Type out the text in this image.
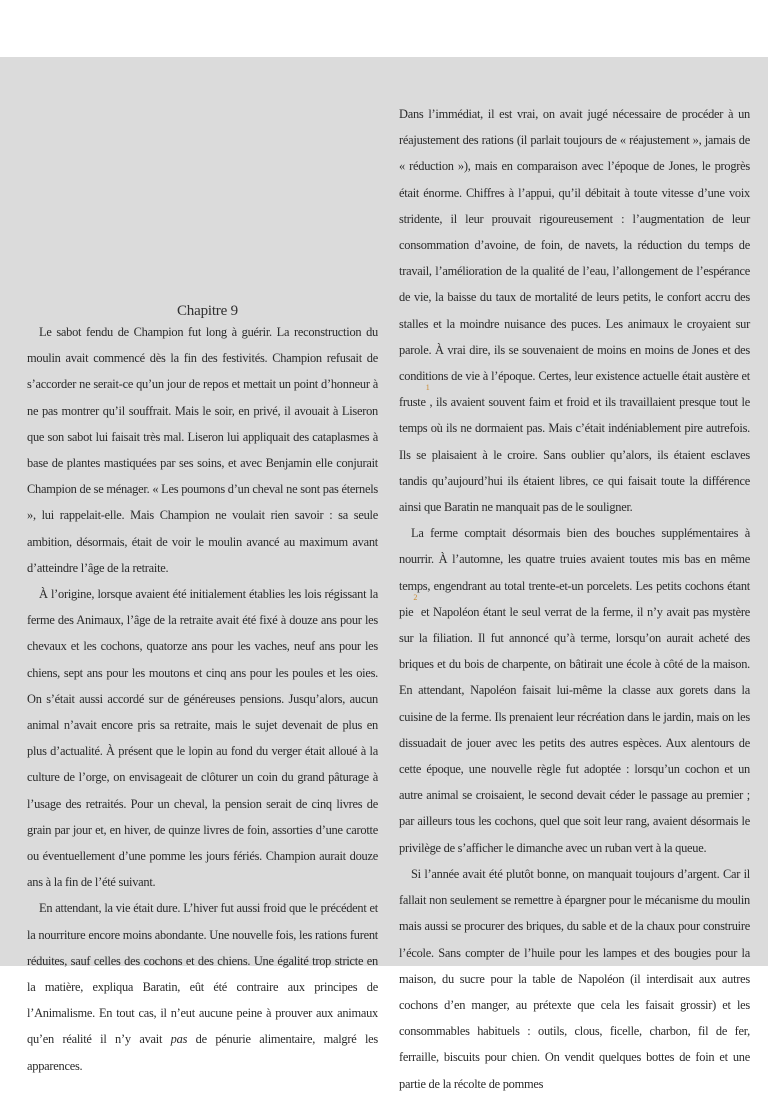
Chapitre 9

Le sabot fendu de Champion fut long à guérir. La reconstruction du moulin avait commencé dès la fin des festivités. Champion refusait de s’accorder ne serait-ce qu’un jour de repos et mettait un point d’honneur à ne pas montrer qu’il souffrait. Mais le soir, en privé, il avouait à Liseron que son sabot lui faisait très mal. Liseron lui appliquait des cataplasmes à base de plantes mastiquées par ses soins, et avec Benjamin elle conjurait Champion de se ménager. « Les poumons d’un cheval ne sont pas éternels », lui rappelait-elle. Mais Champion ne voulait rien savoir : sa seule ambition, désormais, était de voir le moulin avancé au maximum avant d’atteindre l’âge de la retraite.

À l’origine, lorsque avaient été initialement établies les lois régissant la ferme des Animaux, l’âge de la retraite avait été fixé à douze ans pour les chevaux et les cochons, quatorze ans pour les vaches, neuf ans pour les chiens, sept ans pour les moutons et cinq ans pour les poules et les oies. On s’était aussi accordé sur de généreuses pensions. Jusqu’alors, aucun animal n’avait encore pris sa retraite, mais le sujet devenait de plus en plus d’actualité. À présent que le lopin au fond du verger était alloué à la culture de l’orge, on envisageait de clôturer un coin du grand pâturage à l’usage des retraités. Pour un cheval, la pension serait de cinq livres de grain par jour et, en hiver, de quinze livres de foin, assorties d’une carotte ou éventuellement d’une pomme les jours fériés. Champion aurait douze ans à la fin de l’été suivant.

En attendant, la vie était dure. L’hiver fut aussi froid que le précédent et la nourriture encore moins abondante. Une nouvelle fois, les rations furent réduites, sauf celles des cochons et des chiens. Une égalité trop stricte en la matière, expliqua Baratin, eût été contraire aux principes de l’Animalisme. En tout cas, il n’eut aucune peine à prouver aux animaux qu’en réalité il n’y avait pas de pénurie alimentaire, malgré les apparences.

Dans l’immédiat, il est vrai, on avait jugé nécessaire de procéder à un réajustement des rations (il parlait toujours de « réajustement », jamais de « réduction »), mais en comparaison avec l’époque de Jones, le progrès était énorme. Chiffres à l’appui, qu’il débitait à toute vitesse d’une voix stridente, il leur prouvait rigoureusement : l’augmentation de leur consommation d’avoine, de foin, de navets, la réduction du temps de travail, l’amélioration de la qualité de l’eau, l’allongement de l’espérance de vie, la baisse du taux de mortalité de leurs petits, le confort accru des stalles et la moindre nuisance des puces. Les animaux le croyaient sur parole. À vrai dire, ils se souvenaient de moins en moins de Jones et des conditions de vie à l’époque. Certes, leur existence actuelle était austère et fruste$^1$, ils avaient souvent faim et froid et ils travaillaient presque tout le temps où ils ne dormaient pas. Mais c’était indéniablement pire autrefois. Ils se plaisaient à le croire. Sans oublier qu’alors, ils étaient esclaves tandis qu’aujourd’hui ils étaient libres, ce qui faisait toute la différence ainsi que Baratin ne manquait pas de le souligner.

La ferme comptait désormais bien des bouches supplémentaires à nourrir. À l’automne, les quatre truies avaient toutes mis bas en même temps, engendrant au total trente-et-un porcelets. Les petits cochons étant pie$^2$ et Napoléon étant le seul verrat de la ferme, il n’y avait pas mystère sur la filiation. Il fut annoncé qu’à terme, lorsqu’on aurait acheté des briques et du bois de charpente, on bâtirait une école à côté de la maison. En attendant, Napoléon faisait lui-même la classe aux gorets dans la cuisine de la ferme. Ils prenaient leur récréation dans le jardin, mais on les dissuadait de jouer avec les petits des autres espèces. Aux alentours de cette époque, une nouvelle règle fut adoptée : lorsqu’un cochon et un autre animal se croisaient, le second devait céder le passage au premier ; par ailleurs tous les cochons, quel que soit leur rang, avaient désormais le privilège de s’afficher le dimanche avec un ruban vert à la queue.

Si l’année avait été plutôt bonne, on manquait toujours d’argent. Car il fallait non seulement se remettre à épargner pour le mécanisme du moulin mais aussi se procurer des briques, du sable et de la chaux pour construire l’école. Sans compter de l’huile pour les lampes et des bougies pour la maison, du sucre pour la table de Napoléon (il interdisait aux autres cochons d’en manger, au prétexte que cela les faisait grossir) et les consommables habituels : outils, clous, ficelle, charbon, fil de fer, ferraille, biscuits pour chien. On vendit quelques bottes de foin et une partie de la récolte de pommes
